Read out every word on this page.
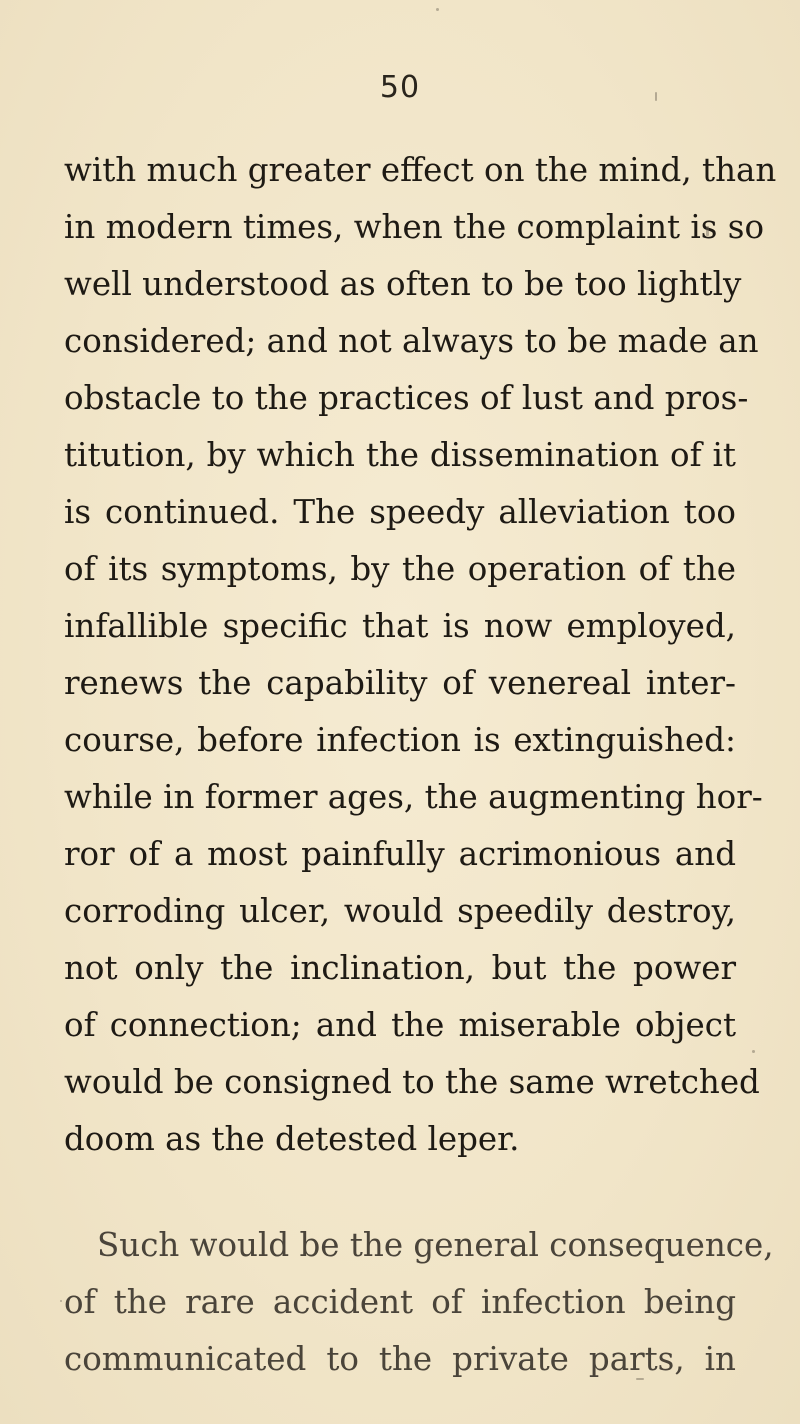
50
with much greater effect on the mind, than
in modern times, when the complaint is so
well understood as often to be too lightly
considered; and not always to be made an
obstacle to the practices of lust and pros-
titution, by which the dissemination of it
is continued. The speedy alleviation too
of its symptoms, by the operation of the
infallible specific that is now employed,
renews the capability of venereal inter-
course, before infection is extinguished:
while in former ages, the augmenting hor-
ror of a most painfully acrimonious and
corroding ulcer, would speedily destroy,
not only the inclination, but the power
of connection; and the miserable object
would be consigned to the same wretched
doom as the detested leper.
Such would be the general consequence,
of the rare accident of infection being
communicated to the private parts, in
